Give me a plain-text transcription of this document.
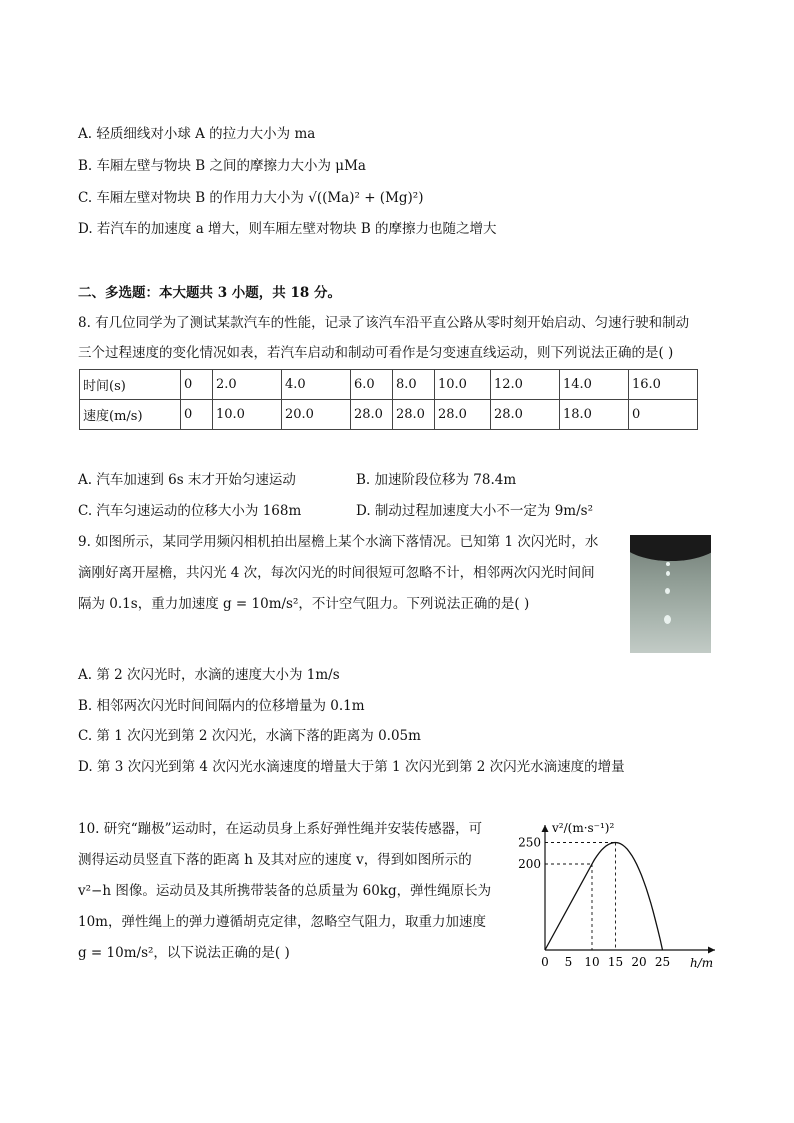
A. 轻质细线对小球 A 的拉力大小为 ma
B. 车厢左壁与物块 B 之间的摩擦力大小为 μMa
C. 车厢左壁对物块 B 的作用力大小为 √((Ma)² + (Mg)²)
D. 若汽车的加速度 a 增大，则车厢左壁对物块 B 的摩擦力也随之增大
二、多选题：本大题共 3 小题，共 18 分。
8. 有几位同学为了测试某款汽车的性能，记录了该汽车沿平直公路从零时刻开始启动、匀速行驶和制动
三个过程速度的变化情况如表，若汽车启动和制动可看作是匀变速直线运动，则下列说法正确的是( )
时间(s)	0	2.0	4.0	6.0	8.0	10.0	12.0	14.0	16.0
速度(m/s)	0	10.0	20.0	28.0	28.0	28.0	28.0	18.0	0
A. 汽车加速到 6s 末才开始匀速运动	B. 加速阶段位移为 78.4m
C. 汽车匀速运动的位移大小为 168m	D. 制动过程加速度大小不一定为 9m/s²
9. 如图所示，某同学用频闪相机拍出屋檐上某个水滴下落情况。已知第 1 次闪光时，水
滴刚好离开屋檐，共闪光 4 次，每次闪光的时间很短可忽略不计，相邻两次闪光时间间
隔为 0.1s，重力加速度 g = 10m/s²，不计空气阻力。下列说法正确的是( )
A. 第 2 次闪光时，水滴的速度大小为 1m/s
B. 相邻两次闪光时间间隔内的位移增量为 0.1m
C. 第 1 次闪光到第 2 次闪光，水滴下落的距离为 0.05m
D. 第 3 次闪光到第 4 次闪光水滴速度的增量大于第 1 次闪光到第 2 次闪光水滴速度的增量
10. 研究“蹦极”运动时，在运动员身上系好弹性绳并安装传感器，可
测得运动员竖直下落的距离 h 及其对应的速度 v，得到如图所示的
v²−h 图像。运动员及其所携带装备的总质量为 60kg，弹性绳原长为
10m，弹性绳上的弹力遵循胡克定律，忽略空气阻力，取重力加速度
g = 10m/s²，以下说法正确的是( )
v²/(m·s⁻¹)²
h/m
0 5 10 15 20 25
200
250
